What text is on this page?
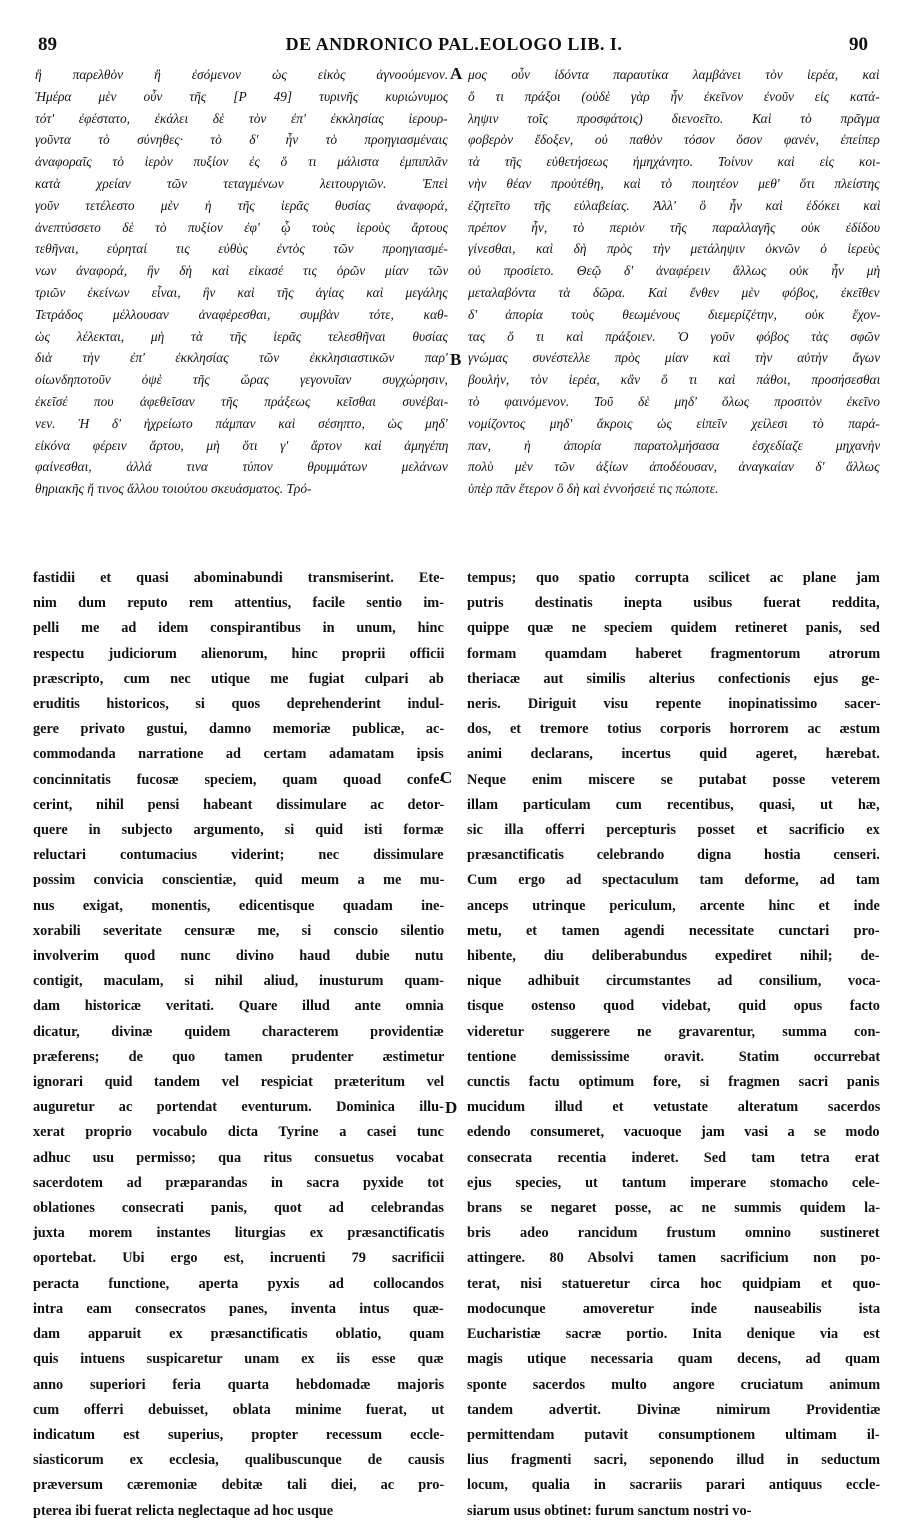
89	DE ANDRONICO PAL.EOLOGO LIB. I.	90
A
B
C
D
ἢ παρελθὸν ἢ ἐσόμενον ὡς εἰκὸς ἀγνοούμενον.
Ἡμέρα μὲν οὖν τῆς [P 49] τυρινῆς κυριώνυμος
τότ' ἐφέστατο, ἐκάλει δὲ τὸν ἐπ' ἐκκλησίας ἱερουρ-
γοῦντα τὸ σύνηθες· τὸ δ' ἦν τὸ προηγιασμέναις
ἀναφοραῖς τὸ ἱερὸν πυξίον ἐς ὅ τι μάλιστα ἐμπιπλᾶν
κατὰ χρείαν τῶν τεταγμένων λειτουργιῶν. Ἐπεὶ
γοῦν τετέλεστο μὲν ἡ τῆς ἱερᾶς θυσίας ἀναφορά,
ἀνεπτύσσετο δὲ τὸ πυξίον ἐφ' ᾧ τοὺς ἱεροὺς ἄρτους
τεθῆναι, εὑρηταί τις εὐθὺς ἐντὸς τῶν προηγιασμέ-
νων ἀναφορά, ἣν δὴ καὶ εἰκασέ τις ὁρῶν μίαν τῶν
τριῶν ἐκείνων εἶναι, ἣν καὶ τῆς ἁγίας καὶ μεγάλης
Τετράδος μέλλουσαν ἀναφέρεσθαι, συμβὰν τότε, καθ-
ὡς λέλεκται, μὴ τὰ τῆς ἱερᾶς τελεσθῆναι θυσίας
διὰ τὴν ἐπ' ἐκκλησίας τῶν ἐκκλησιαστικῶν παρ'
οἰωνδηποτοῦν ὀψὲ τῆς ὥρας γεγονυῖαν συγχώρησιν,
ἐκεῖσέ που ἀφεθεῖσαν τῆς πράξεως κεῖσθαι συνέβαι-
νεν. Ἡ δ' ἠχρείωτο πάμπαν καὶ σέσηπτο, ὡς μηδ'
εἰκόνα φέρειν ἄρτου, μὴ ὅτι γ' ἄρτον καὶ ἀμηγέπη
φαίνεσθαι, ἀλλά τινα τύπον θρυμμάτων μελάνων
θηριακῆς ἤ τινος ἄλλου τοιούτου σκευάσματος. Τρό-
μος οὖν ἰδόντα παραυτίκα λαμβάνει τὸν ἱερέα, καὶ
ὅ τι πράξοι (οὐδὲ γὰρ ἦν ἐκεῖνον ἐνοῦν εἰς κατά-
ληψιν τοῖς προσφάτοις) διενοεῖτο. Καὶ τὸ πρᾶγμα
φοβερὸν ἔδοξεν, οὐ παθὸν τόσον ὅσον φανέν, ἐπείπερ
τὰ τῆς εὐθετήσεως ἠμηχάνητο. Τοίνυν καὶ εἰς κοι-
νὴν θέαν προὐτέθη, καὶ τὸ ποιητέον μεθ' ὅτι πλείστης
ἐζητεῖτο τῆς εὐλαβείας. Ἀλλ' ὃ ἦν καὶ ἐδόκει καὶ
πρέπον ἦν, τὸ περιὸν τῆς παραλλαγῆς οὐκ ἐδίδου
γίνεσθαι, καὶ δὴ πρὸς τὴν μετάληψιν ὀκνῶν ὁ ἱερεὺς
οὐ προσίετο. Θεῷ δ' ἀναφέρειν ἄλλως οὐκ ἦν μὴ
μεταλαβόντα τὰ δῶρα. Καὶ ἔνθεν μὲν φόβος, ἐκεῖθεν
δ' ἀπορία τοὺς θεωμένους διεμερίζέτην, οὐκ ἔχον-
τας ὅ τι καὶ πράξοιεν. Ὁ γοῦν φόβος τὰς σφῶν
γνώμας συνέστελλε πρὸς μίαν καὶ τὴν αὐτὴν ἄγων
βουλήν, τὸν ἱερέα, κἂν ὅ τι καὶ πάθοι, προσήσεσθαι
τὸ φαινόμενον. Τοῦ δὲ μηδ' ὅλως προσιτὸν ἐκεῖνο
νομίζοντος μηδ' ἄκροις ὡς εἰπεῖν χείλεσι τὸ παρά-
παν, ἡ ἀπορία παρατολμήσασα ἐσχεδίαζε μηχανὴν
πολὺ μὲν τῶν ἀξίων ἀποδέουσαν, ἀναγκαίαν δ' ἄλλως
ὑπὲρ πᾶν ἕτερον ὃ δὴ καὶ ἐννοήσειέ τις πώποτε.
fastidii et quasi abominabundi transmiserint. Ete-
nim dum reputo rem attentius, facile sentio im-
pelli me ad idem conspirantibus in unum, hinc
respectu judiciorum alienorum, hinc proprii officii
præscripto, cum nec utique me fugiat culpari ab
eruditis historicos, si quos deprehenderint indul-
gere privato gustui, damno memoriæ publicæ, ac-
commodanda narratione ad certam adamatam ipsis
concinnitatis fucosæ speciem, quam quoad confe-
cerint, nihil pensi habeant dissimulare ac detor-
quere in subjecto argumento, si quid isti formæ
reluctari contumacius viderint; nec dissimulare
possim convicia conscientiæ, quid meum a me mu-
nus exigat, monentis, edicentisque quadam ine-
xorabili severitate censuræ me, si conscio silentio
involverim quod nunc divino haud dubie nutu
contigit, maculam, si nihil aliud, inusturum quam-
dam historicæ veritati. Quare illud ante omnia
dicatur, divinæ quidem characterem providentiæ
præferens; de quo tamen prudenter æstimetur
ignorari quid tandem vel respiciat præteritum vel
auguretur ac portendat eventurum. Dominica illu-
xerat proprio vocabulo dicta Tyrine a casei tunc
adhuc usu permisso; qua ritus consuetus vocabat
sacerdotem ad præparandas in sacra pyxide tot
oblationes consecrati panis, quot ad celebrandas
juxta morem instantes liturgias ex præsanctificatis
oportebat. Ubi ergo est, incruenti 79 sacrificii
peracta functione, aperta pyxis ad collocandos
intra eam consecratos panes, inventa intus quæ-
dam apparuit ex præsanctificatis oblatio, quam
quis intuens suspicaretur unam ex iis esse quæ
anno superiori feria quarta hebdomadæ majoris
cum offerri debuisset, oblata minime fuerat, ut
indicatum est superius, propter recessum eccle-
siasticorum ex ecclesia, qualibuscunque de causis
præversum cæremoniæ debitæ tali diei, ac pro-
pterea ibi fuerat relicta neglectaque ad hoc usque
tempus; quo spatio corrupta scilicet ac plane jam
putris destinatis inepta usibus fuerat reddita,
quippe quæ ne speciem quidem retineret panis, sed
formam quamdam haberet fragmentorum atrorum
theriacæ aut similis alterius confectionis ejus ge-
neris. Diriguit visu repente inopinatissimo sacer-
dos, et tremore totius corporis horrorem ac æstum
animi declarans, incertus quid ageret, hærebat.
Neque enim miscere se putabat posse veterem
illam particulam cum recentibus, quasi, ut hæ,
sic illa offerri percepturis posset et sacrificio ex
præsanctificatis celebrando digna hostia censeri.
Cum ergo ad spectaculum tam deforme, ad tam
anceps utrinque periculum, arcente hinc et inde
metu, et tamen agendi necessitate cunctari pro-
hibente, diu deliberabundus expediret nihil; de-
nique adhibuit circumstantes ad consilium, voca-
tisque ostenso quod videbat, quid opus facto
videretur suggerere ne gravarentur, summa con-
tentione demississime oravit. Statim occurrebat
cunctis factu optimum fore, si fragmen sacri panis
mucidum illud et vetustate alteratum sacerdos
edendo consumeret, vacuoque jam vasi a se modo
consecrata recentia inderet. Sed tam tetra erat
ejus species, ut tantum imperare stomacho cele-
brans se negaret posse, ac ne summis quidem la-
bris adeo rancidum frustum omnino sustineret
attingere. 80 Absolvi tamen sacrificium non po-
terat, nisi statueretur circa hoc quidpiam et quo-
modocunque amoveretur inde nauseabilis ista
Eucharistiæ sacræ portio. Inita denique via est
magis utique necessaria quam decens, ad quam
sponte sacerdos multo angore cruciatum animum
tandem advertit. Divinæ nimirum Providentiæ
permittendam putavit consumptionem ultimam il-
lius fragmenti sacri, seponendo illud in seductum
locum, qualia in sacrariis parari antiquus eccle-
siarum usus obtinet: furum sanctum nostri vo-
